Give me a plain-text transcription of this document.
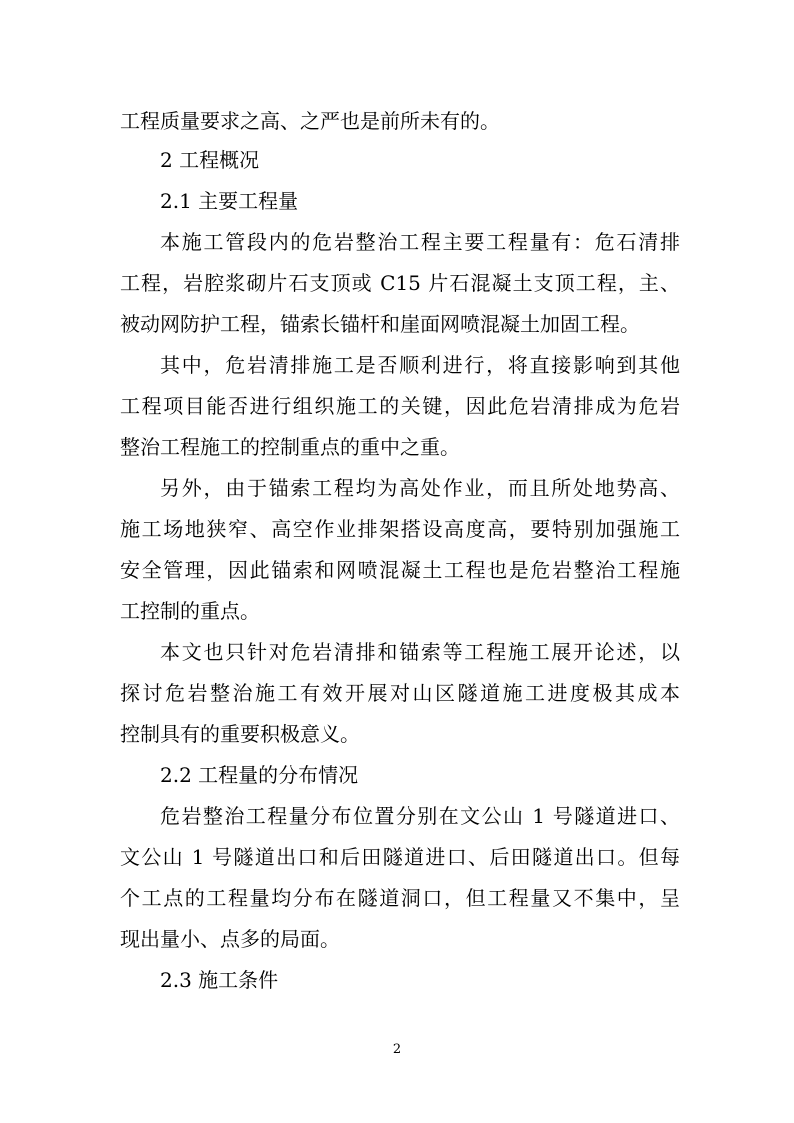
工程质量要求之高、之严也是前所未有的。
2 工程概况
2.1 主要工程量
本施工管段内的危岩整治工程主要工程量有：危石清排
工程，岩腔浆砌片石支顶或 C15 片石混凝土支顶工程，主、
被动网防护工程，锚索长锚杆和崖面网喷混凝土加固工程。
其中，危岩清排施工是否顺利进行，将直接影响到其他
工程项目能否进行组织施工的关键，因此危岩清排成为危岩
整治工程施工的控制重点的重中之重。
另外，由于锚索工程均为高处作业，而且所处地势高、
施工场地狭窄、高空作业排架搭设高度高，要特别加强施工
安全管理，因此锚索和网喷混凝土工程也是危岩整治工程施
工控制的重点。
本文也只针对危岩清排和锚索等工程施工展开论述，以
探讨危岩整治施工有效开展对山区隧道施工进度极其成本
控制具有的重要积极意义。
2.2 工程量的分布情况
危岩整治工程量分布位置分别在文公山 1 号隧道进口、
文公山 1 号隧道出口和后田隧道进口、后田隧道出口。但每
个工点的工程量均分布在隧道洞口，但工程量又不集中，呈
现出量小、点多的局面。
2.3 施工条件
2
